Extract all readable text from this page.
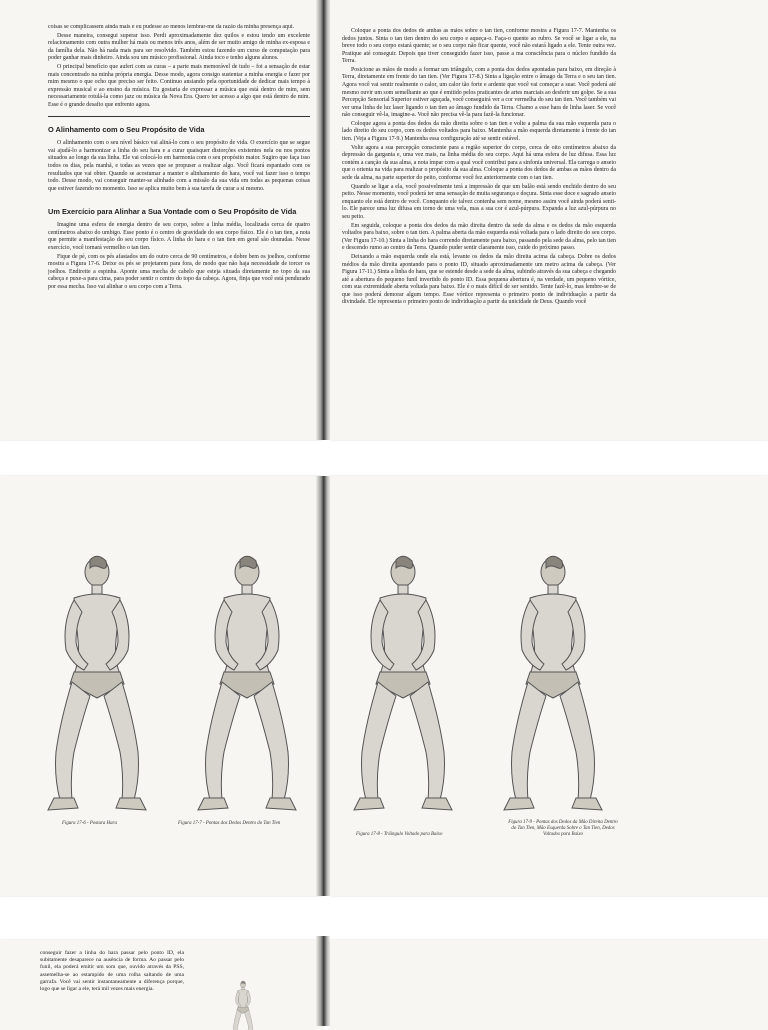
coisas se complicassem ainda mais e eu pudesse ao menos lembrar-me da razão da minha presença aqui.

Desse maneira, consegui superar isso. Perdi aproximadamente dez quilos e estou tendo um excelente relacionamento com outra mulher há mais ou menos três anos, além de ser muito amigo de minha ex-esposa e da família dela. Não há nada mais para ser resolvido. Também estou fazendo um curso de computação para poder ganhar mais dinheiro. Ainda sou um músico profissional. Ainda toco e tenho alguns alunos.

O principal benefício que auferi com as curas – a parte mais memorável de tudo – foi a sensação de estar mais concentrado na minha própria energia. Desse modo, agora consigo sustentar a minha energia e fazer por mim mesmo o que ocho que preciso ser feito. Continuo ansiando pela oportunidade de dedicar mais tempo à expressão musical e ao ensino da música. Eu gostaria de expressar a música que está dentro de mim, sem necessariamente rotulá-la como jazz ou música da Nova Era. Quero ter acesso a algo que está dentro de mim. Esse é o grande desafio que enfrento agora.

O Alinhamento com o Seu Propósito de Vida

O alinhamento com o seu nível básico vai aliná-lo com o seu propósito de vida. O exercício que se segue vai ajudá-lo a harmonizar a linha do seu hara e a curar quaisquer distorções existentes nela ou nos pontos situados ao longo da sua linha. Ele vai colocá-lo em harmonia com o seu propósito maior. Sugiro que faça isso todos os dias, pela manhã, e todas as vezes que se propuser a realizar algo. Você ficará espantado com os resultados que vai obter. Quando se acostumar a manter o alinhamento do hara, você vai fazer isso o tempo todo. Desse modo, vai conseguir manter-se alinhado com a missão da sua vida em todas as pequenas coisas que estiver fazendo no momento. Isso se aplica muito bem à sua tarefa de curar a si mesmo.

Um Exercício para Alinhar a Sua Vontade com o Seu Propósito de Vida

Imagine uma esfera de energia dentro de seu corpo, sobre a linha média, localizada cerca de quatro centímetros abaixo do umbigo. Esse ponto é o centro de gravidade do seu corpo físico. Ele é o tan tien, a nota que permite a manifestação do seu corpo físico. A linha do hara e o tan tien em geral são douradas. Nesse exercício, você tornará vermelho o tan tien.

Fique de pé, com os pés afastados um do outro cerca de 90 centímetros, e dobre bem os joelhos, conforme mostra a Figura 17-6. Deixe os pés se projetarem para fora, de modo que não haja necessidade de torcer os joelhos. Endireite a espinha. Aponte uma mecha de cabelo que esteja situada diretamente no topo da sua cabeça e puxe-a para cima, para poder sentir o centro do topo da cabeça. Agora, finja que você está pendurado por essa mecha. Isso vai alinhar o seu corpo com a Terra.

Coloque a ponta dos dedos de ambas as mãos sobre o tan tien, conforme mostra a Figura 17-7. Mantenha os dedos juntos. Sinta o tan tien dentro do seu corpo e aqueça-o. Faça-o quente ao rubro. Se você se ligar a ele, na breve todo o seu corpo estará quente; se o seu corpo não ficar quente, você não estará ligado a ele. Tente outra vez. Pratique até conseguir. Depois que tiver conseguido fazer isso, passe a ma consciência para o núcleo fundido da Terra.

Posicione as mãos de modo a formar um triângulo, com a ponta dos dedos apontadas para baixo, em direção à Terra, diretamente em frente do tan tien. (Ver Figura 17-8.) Sinta a ligação entre o âmago da Terra e o seu tan tien. Agora você vai sentir realmente o calor, um calor tão forte e ardente que você vai começar a suar. Você poderá até mesmo ouvir um som semelhante ao que é emitido pelos praticantes de artes marciais ao desferir um golpe. Se a sua Percepção Sensorial Superior estiver aguçada, você conseguirá ver a cor vermelha do seu tan tien. Você também vai ver uma linha de luz laser ligando o tan tien ao âmago fundido da Terra. Chamo a esse hara de linha laser. Se você não conseguir vê-la, imagine-a. Você não precisa vê-la para fazê-la funcionar.

Coloque agora a ponta dos dedos da mão direita sobre o tan tien e volte a palma da sua mão esquerda para o lado direito do seu corpo, com os dedos voltados para baixo. Mantenha a mão esquerda diretamente à frente do tan tien. (Veja a Figura 17-9.) Mantenha essa configuração até se sentir estável.

Volte agora a sua percepção consciente para a região superior do corpo, cerca de oito centímetros abaixo da depressão da garganta e, uma vez mais, na linha média do seu corpo. Aqui há uma esfera de luz difusa. Essa luz contém a canção da sua alma, a nota ímpar com a qual você contribui para a sinfonia universal. Ela carrega o anseio que o orienta na vida para realizar o propósito da sua alma. Coloque a ponta dos dedos de ambas as mãos dentro da sede da alma, na parte superior do peito, conforme você fez anteriormente com o tan tien.

Quando se ligar a ela, você possivelmente terá a impressão de que um balão está sendo enchido dentro do seu peito. Nesse momento, você poderá ter uma sensação de muita segurança e doçura. Sinta esse doce e sagrado anseio enquanto ele está dentro de você. Conquanto ele talvez contenha sem nome, mesmo assim você ainda poderá senti-lo. Ele parece uma luz difusa em torno de uma vela, mas a sua cor é azul-púrpura. Expanda a luz azul-púrpura no seu peito.

Em seguida, coloque a ponta dos dedos da mão direita dentro da sede da alma e os dedos da mão esquerda voltados para baixo, sobre o tan tien. A palma aberta da mão esquerda está voltada para o lado direito do seu corpo. (Ver Figura 17-10.) Sinta a linha do hara correndo diretamente para baixo, passando pela sede da alma, pelo tan tien e descendo rumo ao centro da Terra. Quando puder sentir claramente isso, cuide do próximo passo.

Deixando a mão esquerda onde ela está, levante os dedos da mão direita acima da cabeça. Dobre os dedos médios da mão direita apontando para o ponto ID, situado aproximadamente um metro acima da cabeça. (Ver Figura 17-11.) Sinta a linha do hara, que se estende desde a sede da alma, subindo através da sua cabeça e chegando até a abertura do pequeno funil invertido do ponto ID. Essa pequena abertura é, na verdade, um pequeno vórtice, com sua extremidade aberta voltada para baixo. Ele é o mais difícil de ser sentido. Tente fazê-lo, mas lembre-se de que isso poderá demorar algum tempo. Esse vórtice representa o primeiro ponto de individuação a partir da divindade. Ele representa o primeiro ponto de individuação a partir da unicidade de Deus. Quando você

Figura 17-6 - Postura Hara	Figura 17-7 - Pontas dos Dedos Dentro do Tan Tien
Figura 17-8 - Triângulo Voltado para Baixo
Figura 17-9 - Pontas dos Dedos da Mão Direita Dentro do Tan Tien, Mão Esquerda Sobre o Tan Tien, Dedos Voltados para Baixo

conseguir fazer a linha do hara passar pelo ponto ID, ela subitamente desaparece na ausência de forma. Ao passar pelo funil, ela poderá emitir um som que, ouvido através da PSS, assemelha-se ao estampido de uma rolha saltando de uma garrafa. Você vai sentir instantaneamente a diferença porque, logo que se ligar a ele, terá mil vezes mais energia.
